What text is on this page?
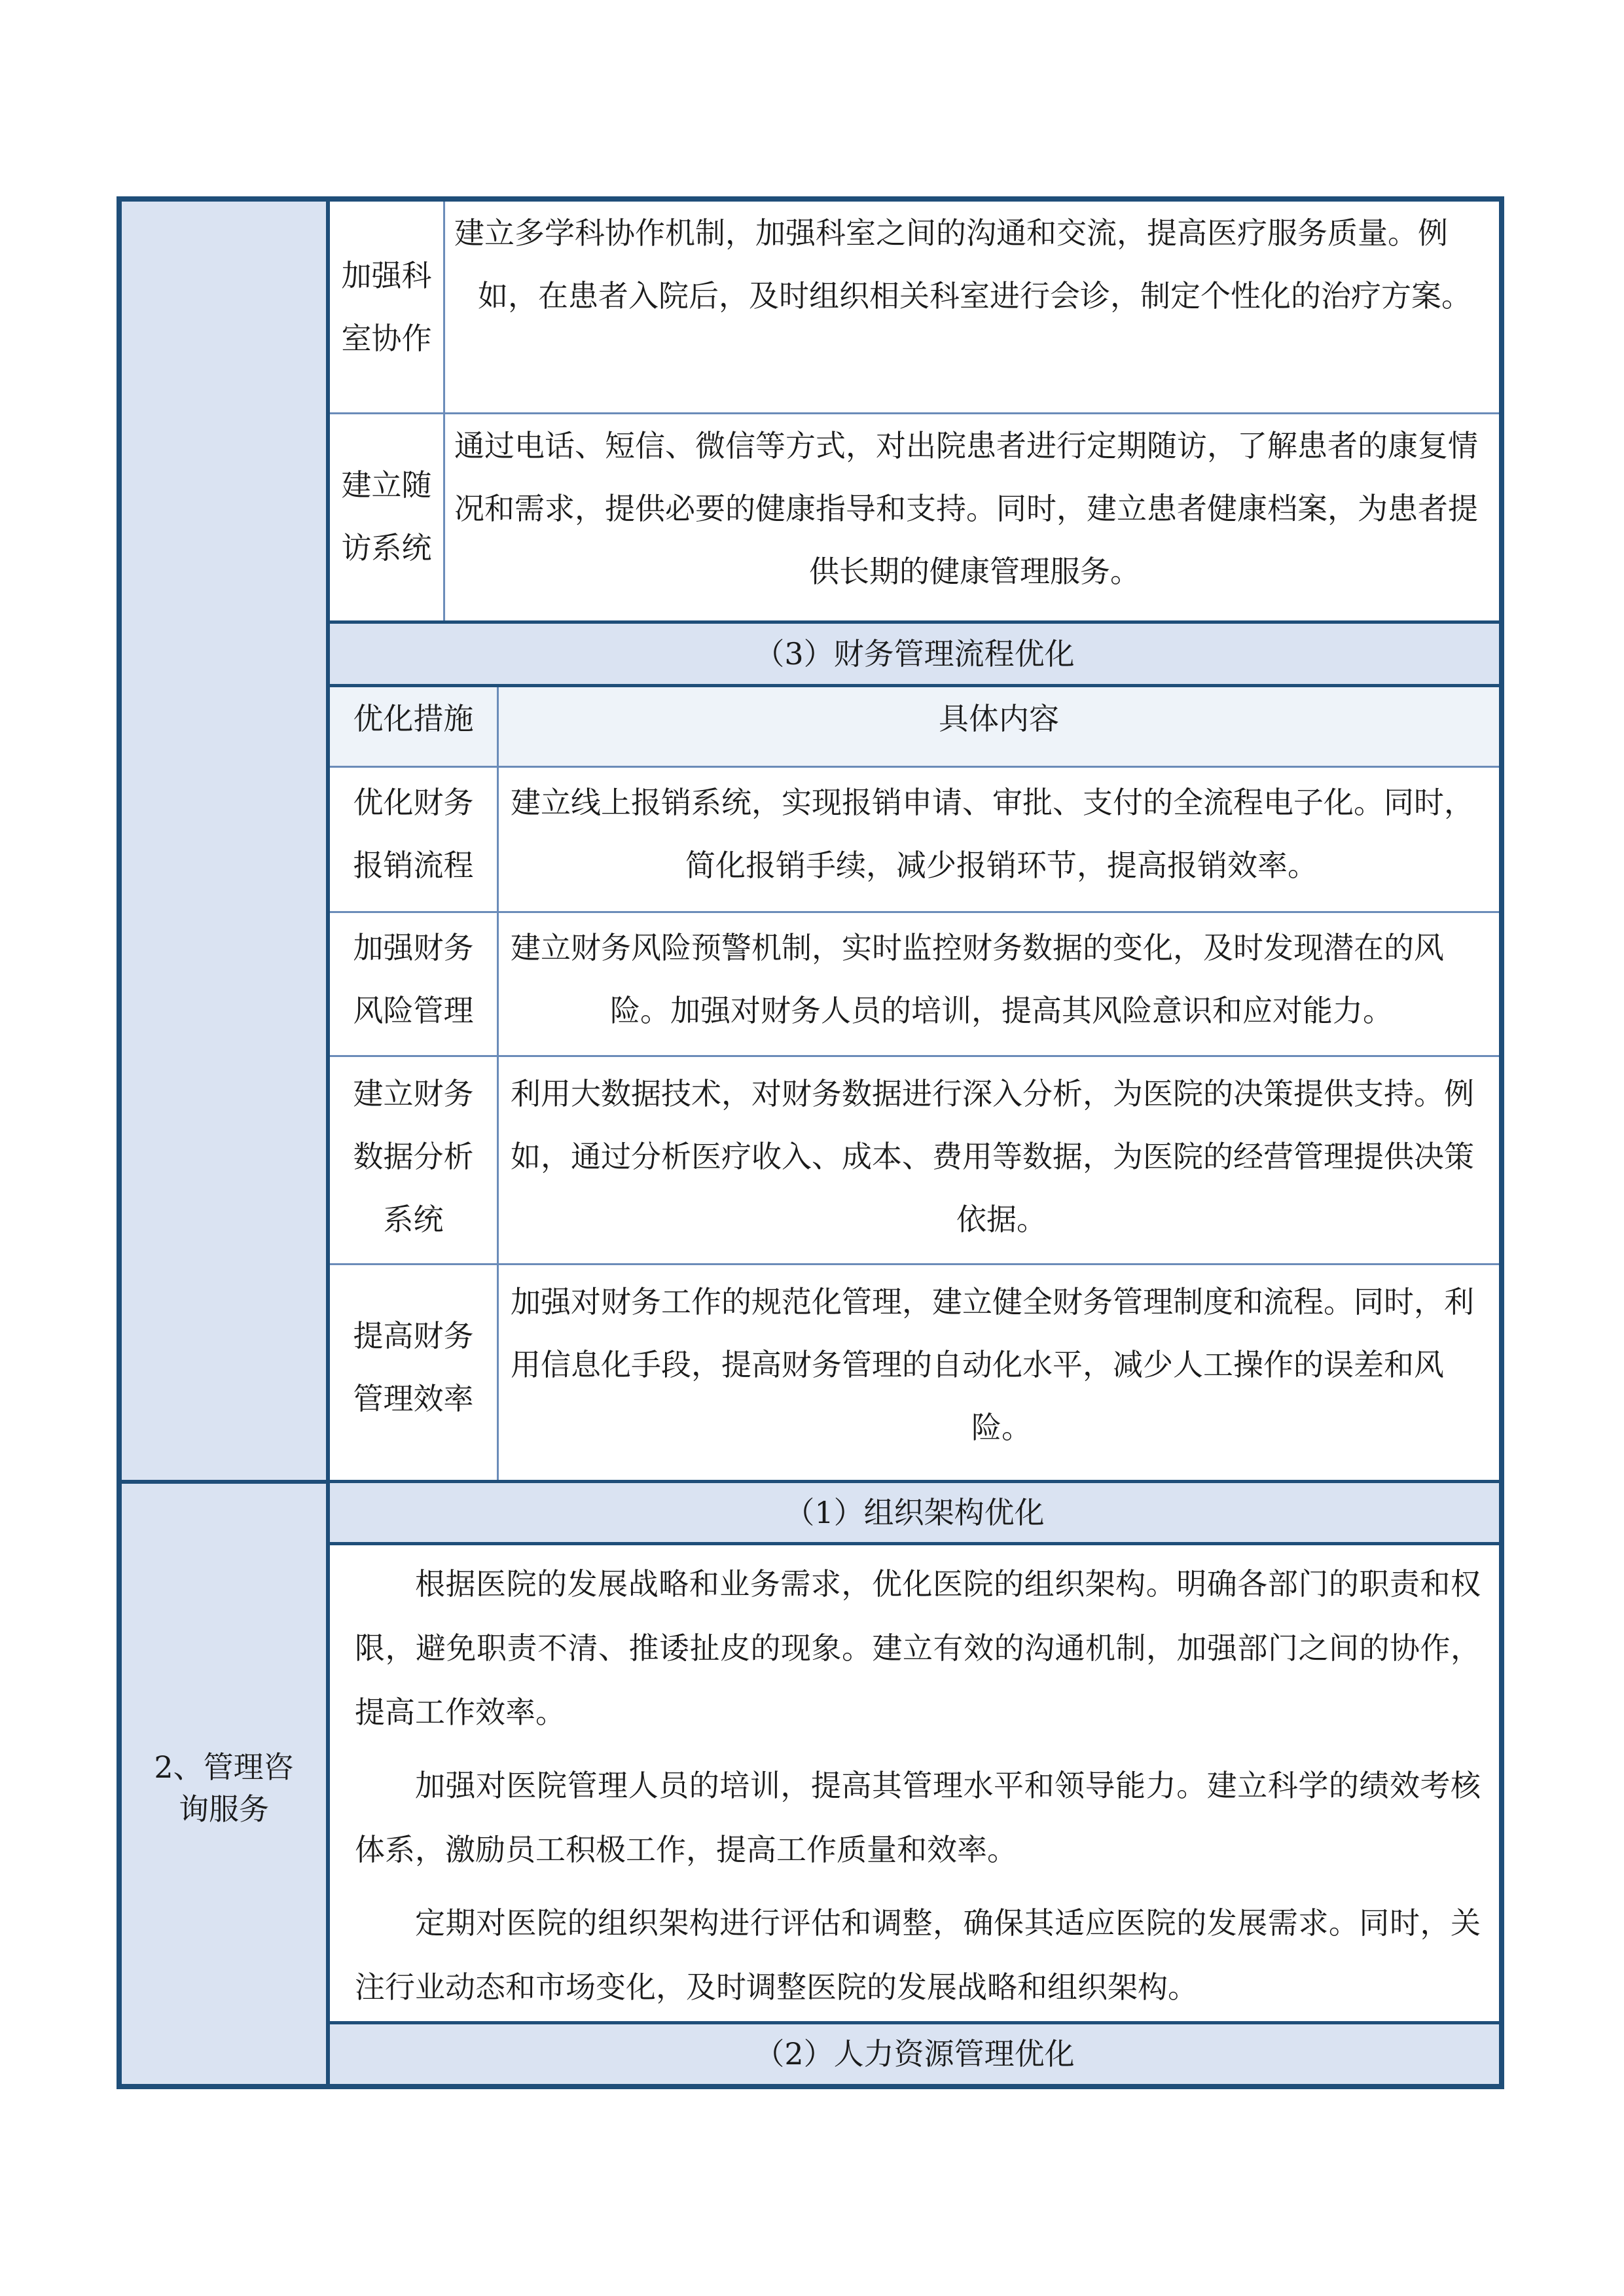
2、管理咨
询服务
加强科
室协作
建立多学科协作机制，加强科室之间的沟通和交流，提高医疗服务质量。例如，在患者入院后，及时组织相关科室进行会诊，制定个性化的治疗方案。
建立随
访系统
通过电话、短信、微信等方式，对出院患者进行定期随访，了解患者的康复情况和需求，提供必要的健康指导和支持。同时，建立患者健康档案，为患者提供长期的健康管理服务。
（3）财务管理流程优化
优化措施	具体内容
优化财务
报销流程
建立线上报销系统，实现报销申请、审批、支付的全流程电子化。同时，简化报销手续，减少报销环节，提高报销效率。
加强财务
风险管理
建立财务风险预警机制，实时监控财务数据的变化，及时发现潜在的风险。加强对财务人员的培训，提高其风险意识和应对能力。
建立财务
数据分析
系统
利用大数据技术，对财务数据进行深入分析，为医院的决策提供支持。例如，通过分析医疗收入、成本、费用等数据，为医院的经营管理提供决策依据。
提高财务
管理效率
加强对财务工作的规范化管理，建立健全财务管理制度和流程。同时，利用信息化手段，提高财务管理的自动化水平，减少人工操作的误差和风险。
（1）组织架构优化

根据医院的发展战略和业务需求，优化医院的组织架构。明确各部门的职责和权限，避免职责不清、推诿扯皮的现象。建立有效的沟通机制，加强部门之间的协作，提高工作效率。

加强对医院管理人员的培训，提高其管理水平和领导能力。建立科学的绩效考核体系，激励员工积极工作，提高工作质量和效率。

定期对医院的组织架构进行评估和调整，确保其适应医院的发展需求。同时，关注行业动态和市场变化，及时调整医院的发展战略和组织架构。

（2）人力资源管理优化
